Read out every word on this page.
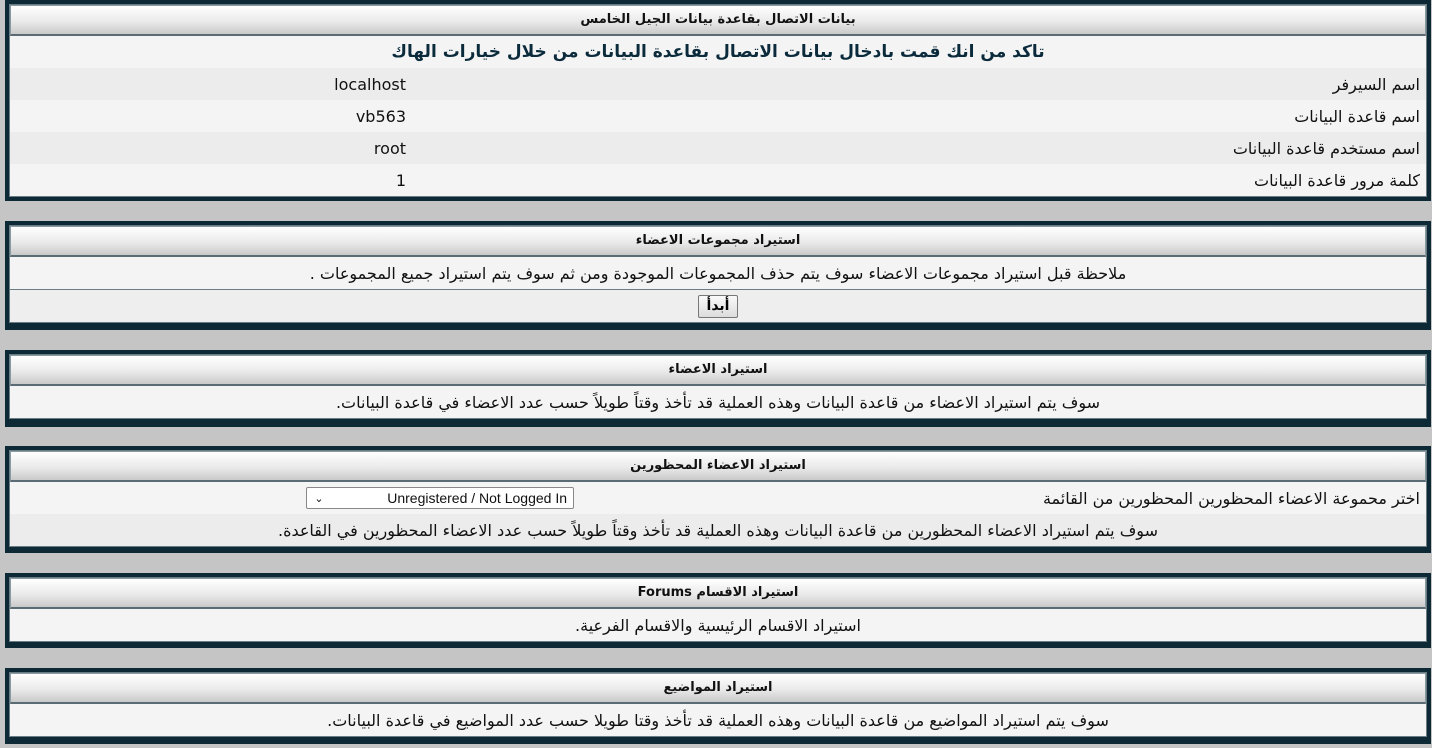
بيانات الاتصال بقاعدة بيانات الجيل الخامس
تاكد من انك قمت بادخال بيانات الاتصال بقاعدة البيانات من خلال خيارات الهاك
اسم السيرفر
localhost
اسم قاعدة البيانات
vb563
اسم مستخدم قاعدة البيانات
root
كلمة مرور قاعدة البيانات
1
استيراد مجموعات الاعضاء
ملاحظة قبل استيراد مجموعات الاعضاء سوف يتم حذف المجموعات الموجودة ومن ثم سوف يتم استيراد جميع المجموعات .
أبدأ
استيراد الاعضاء
سوف يتم استيراد الاعضاء من قاعدة البيانات وهذه العملية قد تأخذ وقتاً طويلاً حسب عدد الاعضاء في قاعدة البيانات.
استيراد الاعضاء المحظورين
اختر محموعة الاعضاء المحظورين المحظورين من القائمة
⌄	Unregistered / Not Logged In
سوف يتم استيراد الاعضاء المحظورين من قاعدة البيانات وهذه العملية قد تأخذ وقتاً طويلاً حسب عدد الاعضاء المحظورين في القاعدة.
استيراد الاقسام Forums
استيراد الاقسام الرئيسية والاقسام الفرعية.
استيراد المواضيع
سوف يتم استيراد المواضيع من قاعدة البيانات وهذه العملية قد تأخذ وقتا طويلا حسب عدد المواضيع في قاعدة البيانات.
